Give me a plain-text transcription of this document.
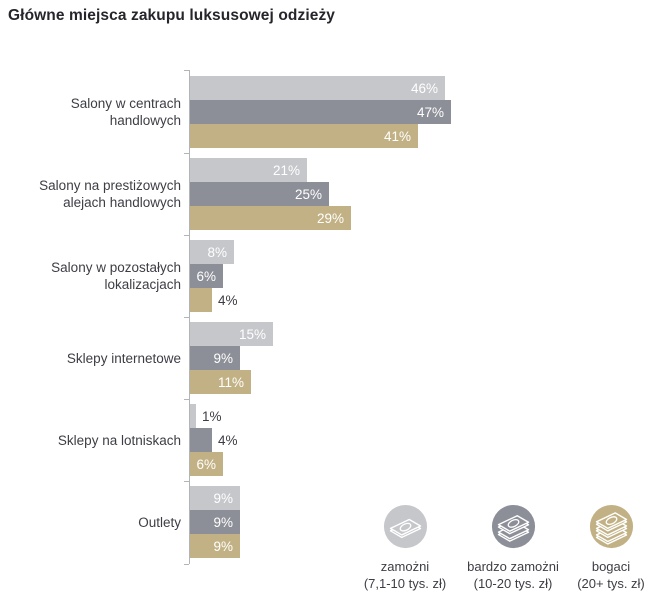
Główne miejsca zakupu luksusowej odzieży
Salony w centrach handlowych
46%
47%
41%
Salony na prestiżowych alejach handlowych
21%
25%
29%
Salony w pozostałych lokalizacjach
8%
6%
4%
Sklepy internetowe
15%
9%
11%
Sklepy na lotniskach
1%
4%
6%
Outlety
9%
9%
9%
zamożni
(7,1-10 tys. zł)
bardzo zamożni
(10-20 tys. zł)
bogaci
(20+ tys. zł)
